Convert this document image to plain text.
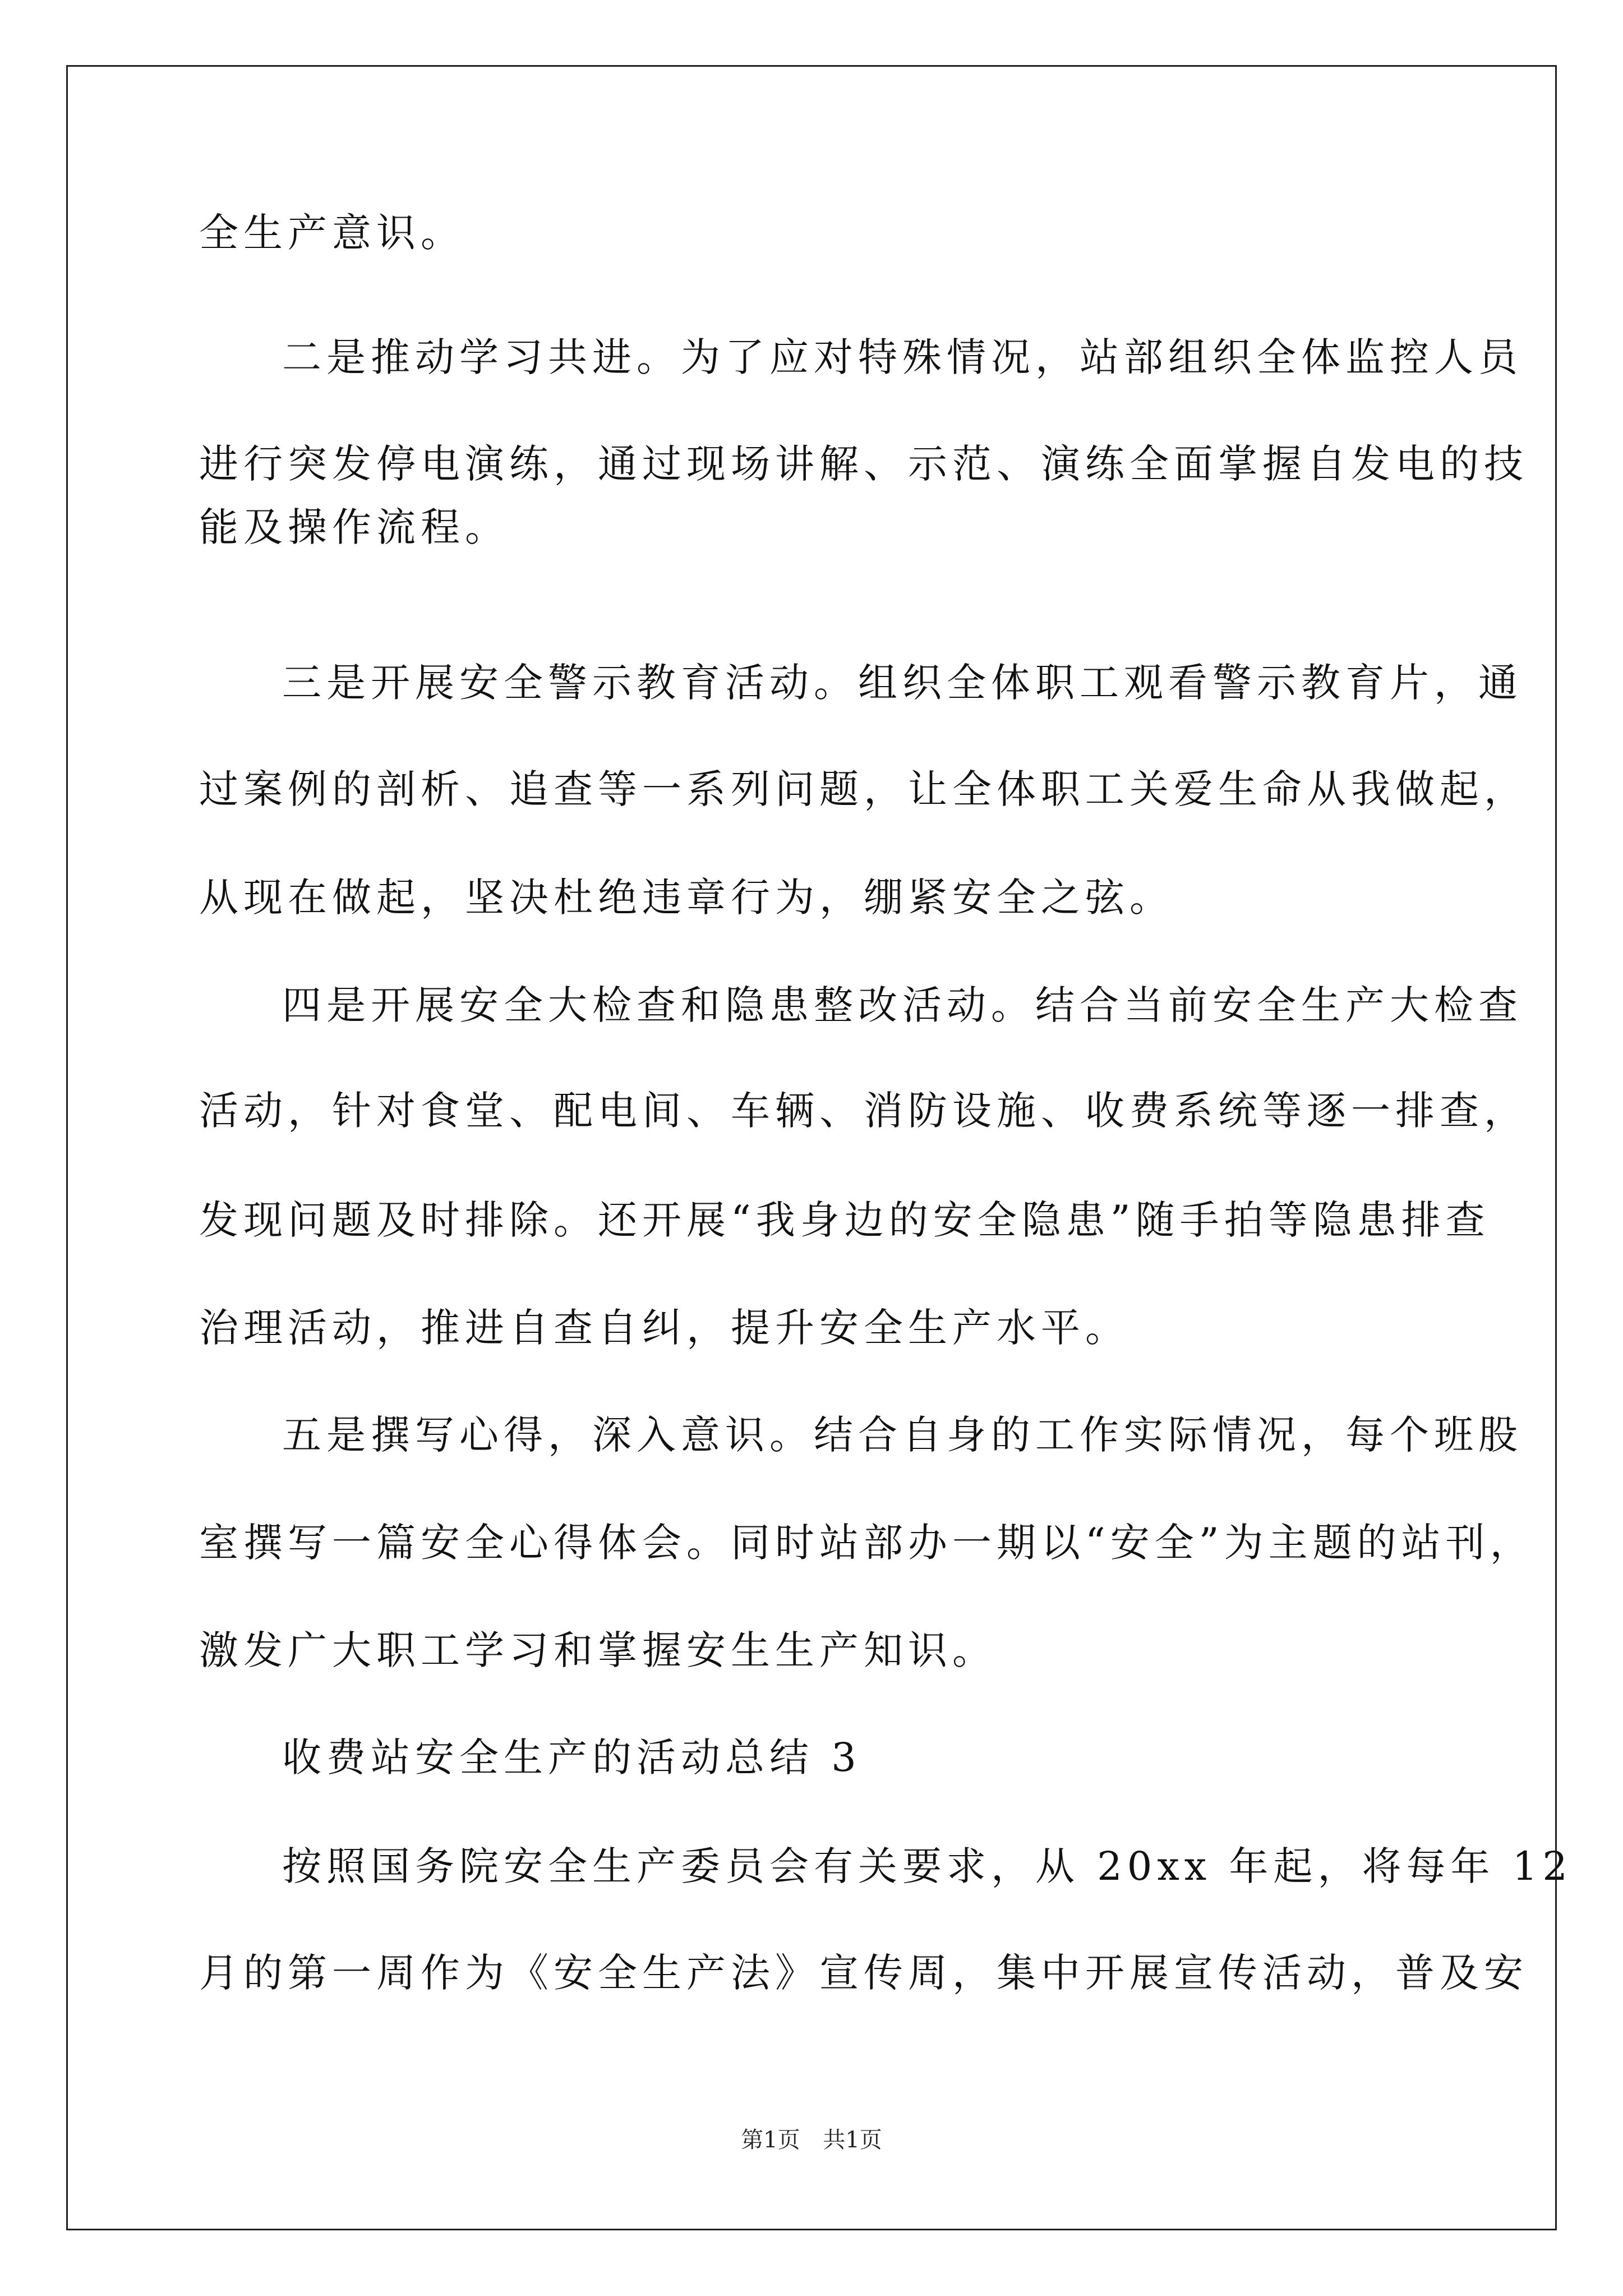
全生产意识。
二是推动学习共进。为了应对特殊情况，站部组织全体监控人员
进行突发停电演练，通过现场讲解、示范、演练全面掌握自发电的技
能及操作流程。
三是开展安全警示教育活动。组织全体职工观看警示教育片，通
过案例的剖析、追查等一系列问题，让全体职工关爱生命从我做起，
从现在做起，坚决杜绝违章行为，绷紧安全之弦。
四是开展安全大检查和隐患整改活动。结合当前安全生产大检查
活动，针对食堂、配电间、车辆、消防设施、收费系统等逐一排查，
发现问题及时排除。还开展“我身边的安全隐患”随手拍等隐患排查
治理活动，推进自查自纠，提升安全生产水平。
五是撰写心得，深入意识。结合自身的工作实际情况，每个班股
室撰写一篇安全心得体会。同时站部办一期以“安全”为主题的站刊，
激发广大职工学习和掌握安生生产知识。
收费站安全生产的活动总结 3
按照国务院安全生产委员会有关要求，从 20xx 年起，将每年 12
月的第一周作为《安全生产法》宣传周，集中开展宣传活动，普及安
第1页 共1页
